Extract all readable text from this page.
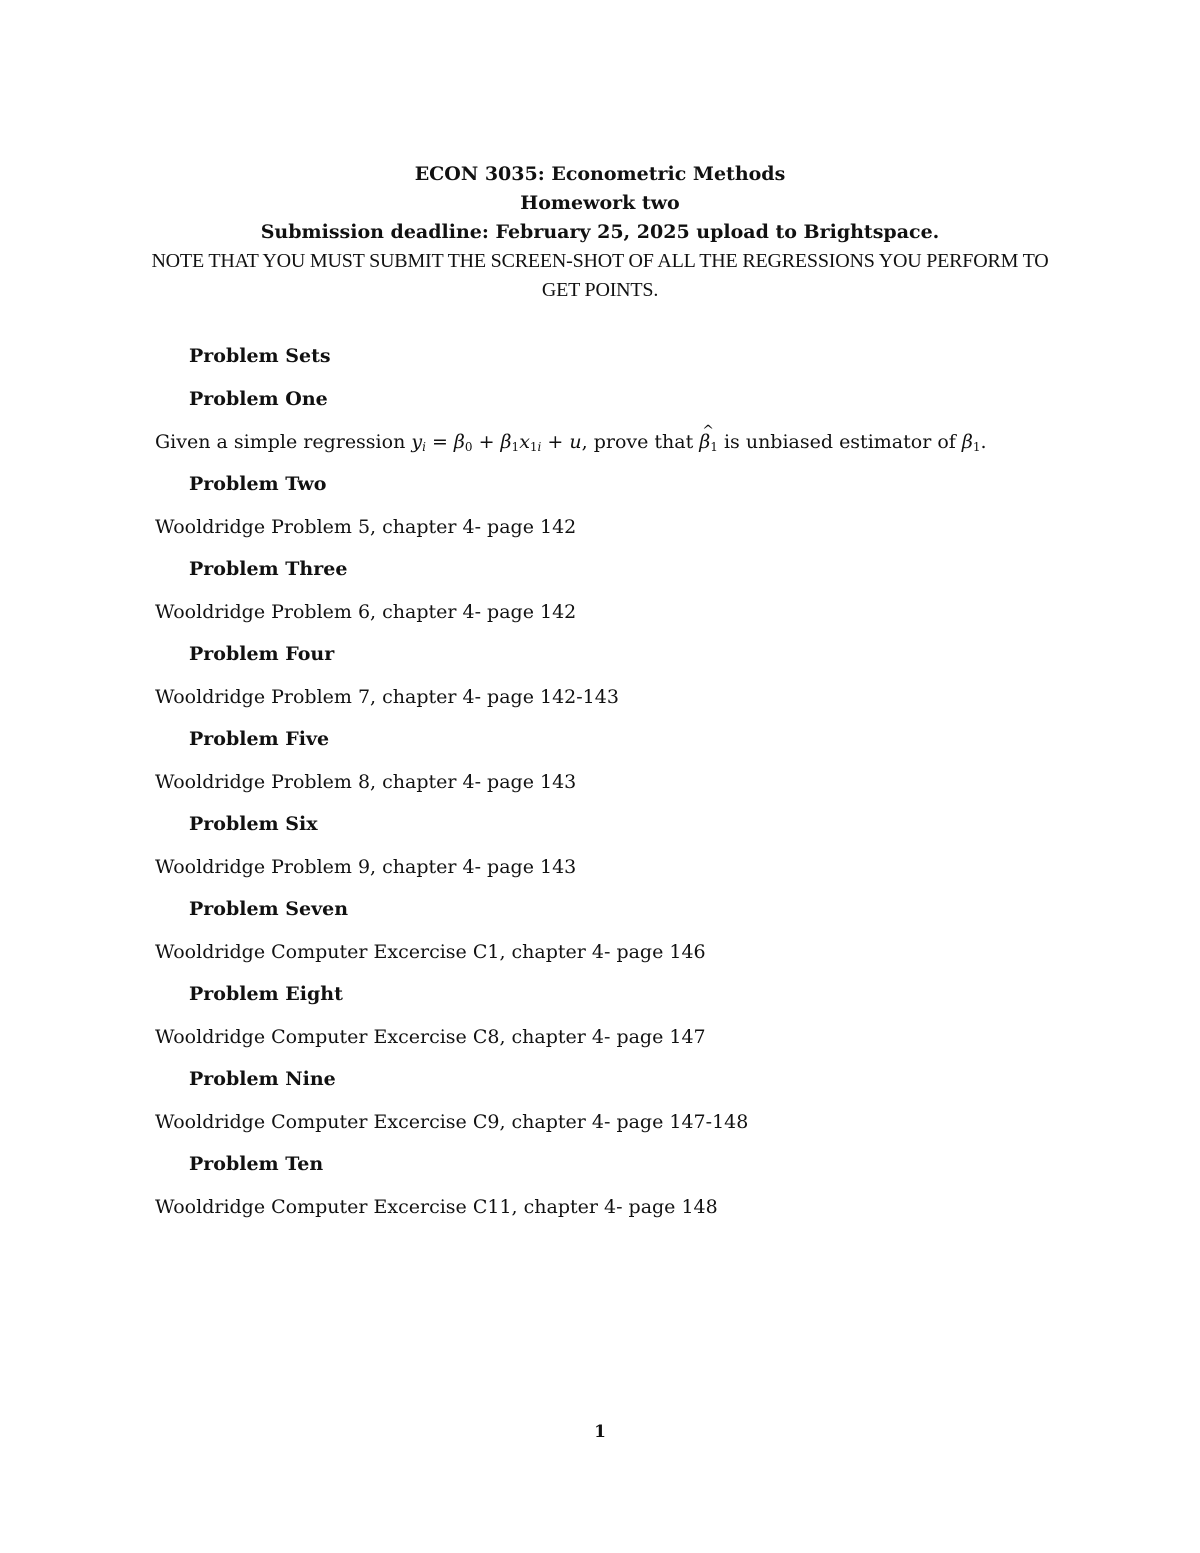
ECON 3035: Econometric Methods
Homework two
Submission deadline: February 25, 2025 upload to Brightspace.
NOTE THAT YOU MUST SUBMIT THE SCREEN-SHOT OF ALL THE REGRESSIONS YOU PERFORM TO GET POINTS.
Problem Sets
Problem One
Given a simple regression $y_i = \beta_0 + \beta_1x_{1i} + u$, prove that ^ $\beta_1$ is unbiased estimator of $\beta_1$.
Problem Two
Wooldridge Problem 5, chapter 4- page 142
Problem Three
Wooldridge Problem 6, chapter 4- page 142
Problem Four
Wooldridge Problem 7, chapter 4- page 142-143
Problem Five
Wooldridge Problem 8, chapter 4- page 143
Problem Six
Wooldridge Problem 9, chapter 4- page 143
Problem Seven
Wooldridge Computer Excercise C1, chapter 4- page 146
Problem Eight
Wooldridge Computer Excercise C8, chapter 4- page 147
Problem Nine
Wooldridge Computer Excercise C9, chapter 4- page 147-148
Problem Ten
Wooldridge Computer Excercise C11, chapter 4- page 148
1
